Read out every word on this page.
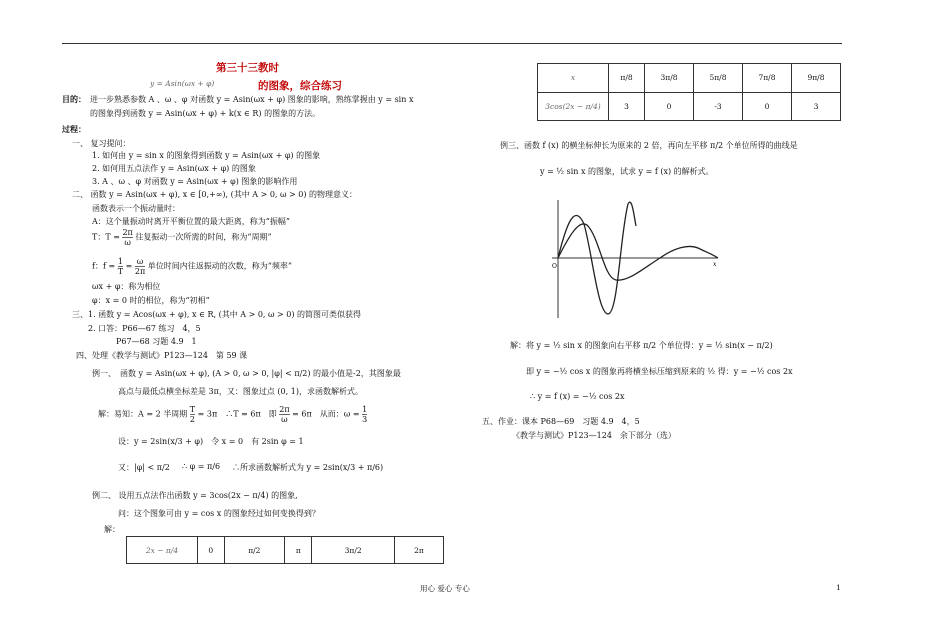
第三十三教时
y = Asin(ωx + φ)	的图象，综合练习
目的： 进一步熟悉参数 A 、ω 、φ 对函数 y = Asin(ωx + φ) 图象的影响，熟练掌握由 y = sin x
的图象得到函数 y = Asin(ωx + φ) + k(x ∈ R) 的图象的方法。
过程：
一、 复习提问：
1. 如何由 y = sin x 的图象得到函数 y = Asin(ωx + φ) 的图象
2. 如何用五点法作 y = Asin(ωx + φ) 的图象
3. A 、ω 、φ 对函数 y = Asin(ωx + φ) 图象的影响作用
二、 函数 y = Asin(ωx + φ), x ∈ [0,+∞), (其中 A > 0, ω > 0) 的物理意义：
函数表示一个振动量时：
A：这个量振动时离开平衡位置的最大距离，称为“振幅”
T：$T = \frac{2\pi}{\omega}$ 往复振动一次所需的时间，称为“周期”
f：$f = \frac{1}{T} = \frac{\omega}{2\pi}$ 单位时间内往返振动的次数，称为“频率”
ωx + φ：称为相位
φ：x = 0 时的相位，称为“初相”
三、1. 函数 y = Acos(ωx + φ), x ∈ R, (其中 A > 0, ω > 0) 的简图可类似获得
2. 口答：P66—67 练习　4，5
P67—68 习题 4.9　1
四、处理《教学与测试》P123—124　第 59 课
例一、　函数 y = Asin(ωx + φ), (A > 0, ω > 0, |φ| < π/2) 的最小值是-2，其图象最
高点与最低点横坐标差是 3π，又：图象过点 (0, 1)，求函数解析式。
解：易知：A = 2 半周期 $\frac{T}{2} = 3\pi$　∴T = 6π　即 $\frac{2\pi}{\omega} = 6\pi$　从而：$\omega = \frac{1}{3}$
设：y = 2sin(x/3 + φ)　令 x = 0　有 2sin φ = 1
又：|φ| < π/2 ∴ φ = π/6 ∴所求函数解析式为 y = 2sin(x/3 + π/6)
例二、 设用五点法作出函数 y = 3cos(2x − π/4) 的图象,
问：这个图象可由 y = cos x 的图象经过如何变换得到？
解：
2x − π/4	0	π/2	π	3π/2	2π
x	π/8	3π/8	5π/8	7π/8	9π/8
3cos(2x − π/4)	3	0	-3	0	3
例三、函数 f (x) 的横坐标伸长为原来的 2 倍，再向左平移 π/2 个单位所得的曲线是
y = ½ sin x 的图象，试求 y = f (x) 的解析式。
O	x
解：将 y = ½ sin x 的图象向右平移 π/2 个单位得：y = ½ sin(x − π/2)
即 y = −½ cos x 的图象再将横坐标压缩到原来的 ½ 得：y = −½ cos 2x
∴ y = f (x) = −½ cos 2x
五、作业：课本 P68—69　习题 4.9　4，5
《教学与测试》P123—124　余下部分（选）
用心 爱心 专心	1
